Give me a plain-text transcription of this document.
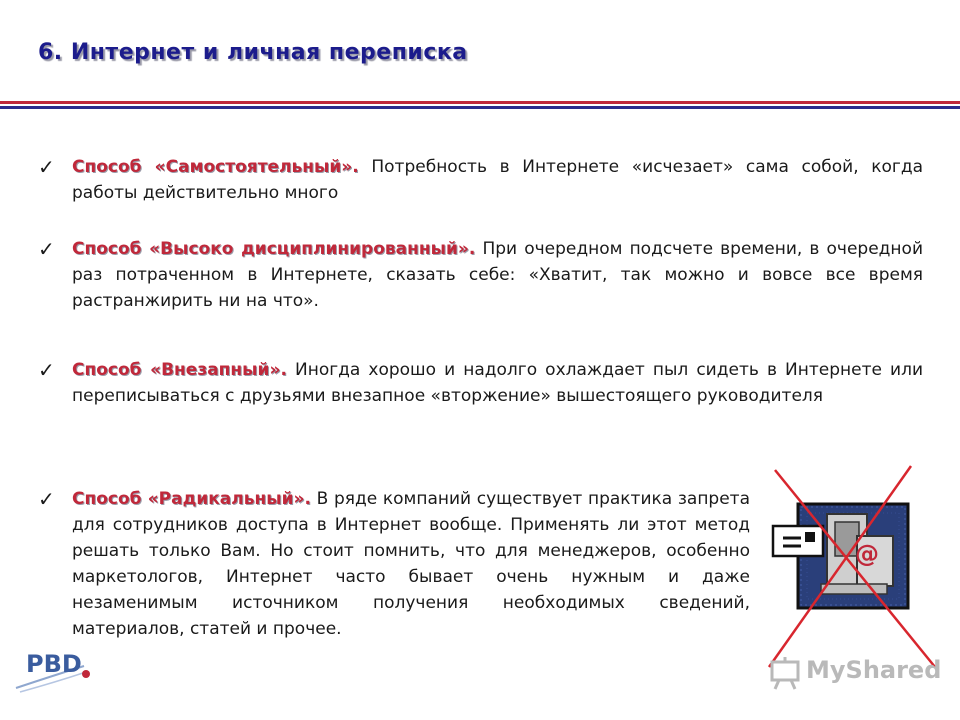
6. Интернет и личная переписка
✓ Способ «Самостоятельный». Потребность в Интернете «исчезает» сама собой, когда работы действительно много
✓ Способ «Высоко дисциплинированный». При очередном подсчете времени, в очередной раз потраченном в Интернете, сказать себе: «Хватит, так можно и вовсе все время растранжирить ни на что».
✓ Способ «Внезапный». Иногда хорошо и надолго охлаждает пыл сидеть в Интернете или переписываться с друзьями внезапное «вторжение» вышестоящего руководителя
✓ Способ «Радикальный». В ряде компаний существует практика запрета для сотрудников доступа в Интернет вообще. Применять ли этот метод решать только Вам. Но стоит помнить, что для менеджеров, особенно маркетологов, Интернет часто бывает очень нужным и даже незаменимым источником получения необходимых сведений, материалов, статей и прочее.
@
PBD	MyShared
